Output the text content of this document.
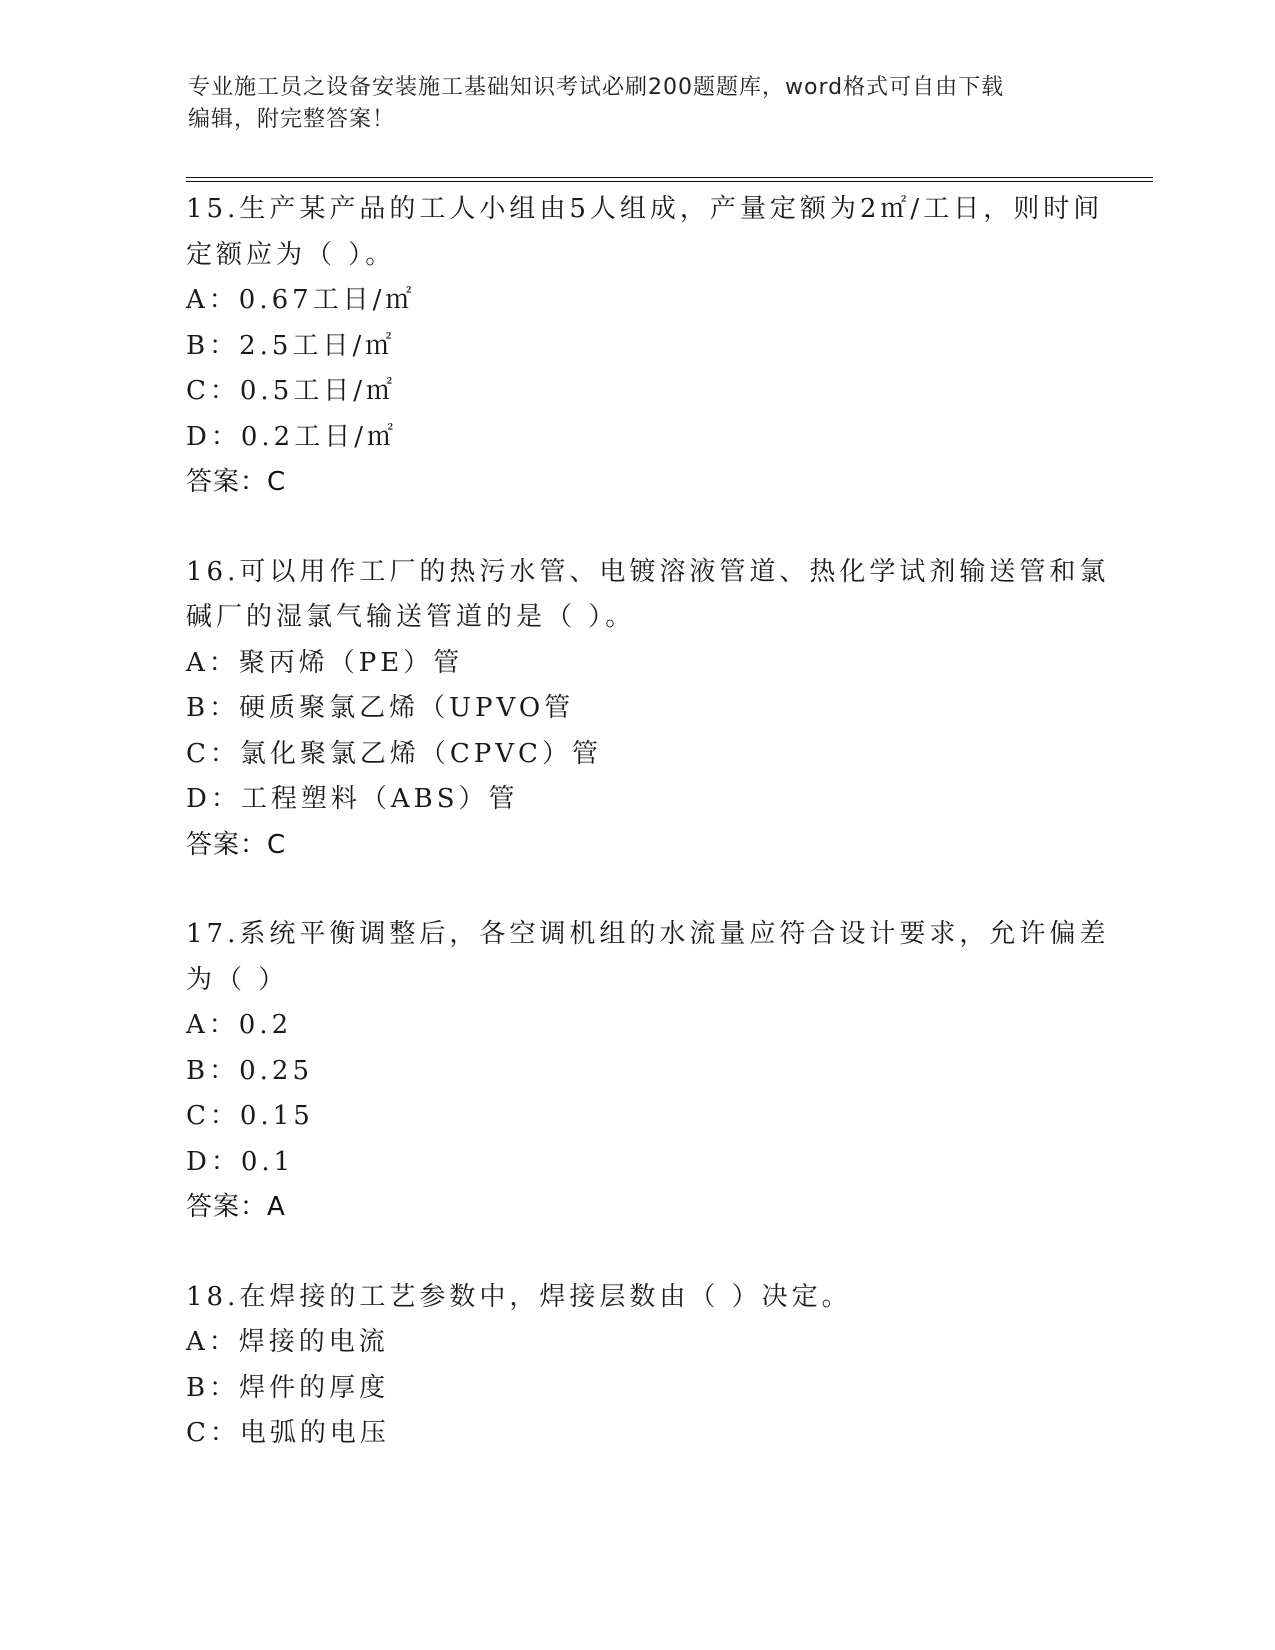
专业施工员之设备安装施工基础知识考试必刷200题题库，word格式可自由下载
编辑，附完整答案！
15.生产某产品的工人小组由5人组成，产量定额为2㎡/工日，则时间
定额应为（ ）。
A：0.67工日/㎡
B：2.5工日/㎡
C：0.5工日/㎡
D：0.2工日/㎡
答案：C
16.可以用作工厂的热污水管、电镀溶液管道、热化学试剂输送管和氯
碱厂的湿氯气输送管道的是（ ）。
A：聚丙烯（PE）管
B：硬质聚氯乙烯（UPVO管
C：氯化聚氯乙烯（CPVC）管
D：工程塑料（ABS）管
答案：C
17.系统平衡调整后，各空调机组的水流量应符合设计要求，允许偏差
为（ ）
A：0.2
B：0.25
C：0.15
D：0.1
答案：A
18.在焊接的工艺参数中，焊接层数由（ ）决定。
A：焊接的电流
B：焊件的厚度
C：电弧的电压
